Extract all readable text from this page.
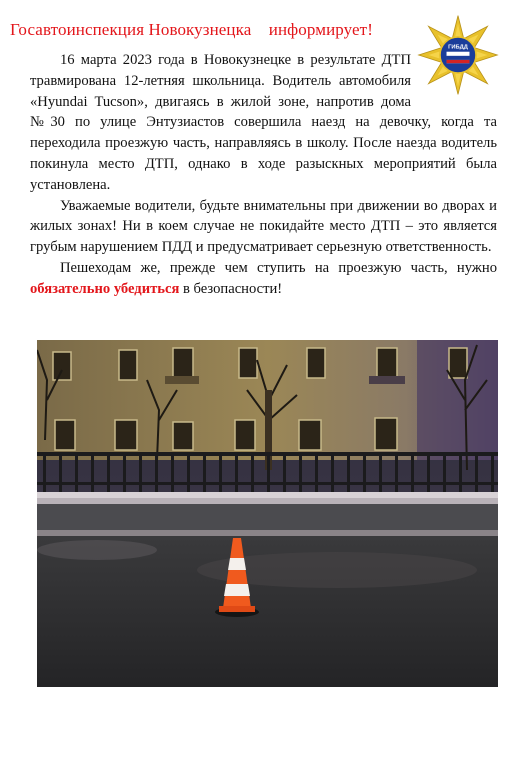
Госавтоинспекция Новокузнецка    информирует!
ГИБДД

16 марта 2023 года в Новокузнецке в результате ДТП травмирована 12-летняя школьница. Водитель автомобиля «Hyundai Tucson», двигаясь в жилой зоне, напротив дома №30 по улице Энтузиастов совершила наезд на девочку, когда та переходила проезжую часть, направляясь в школу. После наезда водитель покинула место ДТП, однако в ходе разыскных мероприятий была установлена.

Уважаемые водители, будьте внимательны при движении во дворах и жилых зонах! Ни в коем случае не покидайте место ДТП – это является грубым нарушением ПДД и предусматривает серьезную ответственность.

Пешеходам же, прежде чем ступить на проезжую часть, нужно обязательно убедиться в безопасности!
